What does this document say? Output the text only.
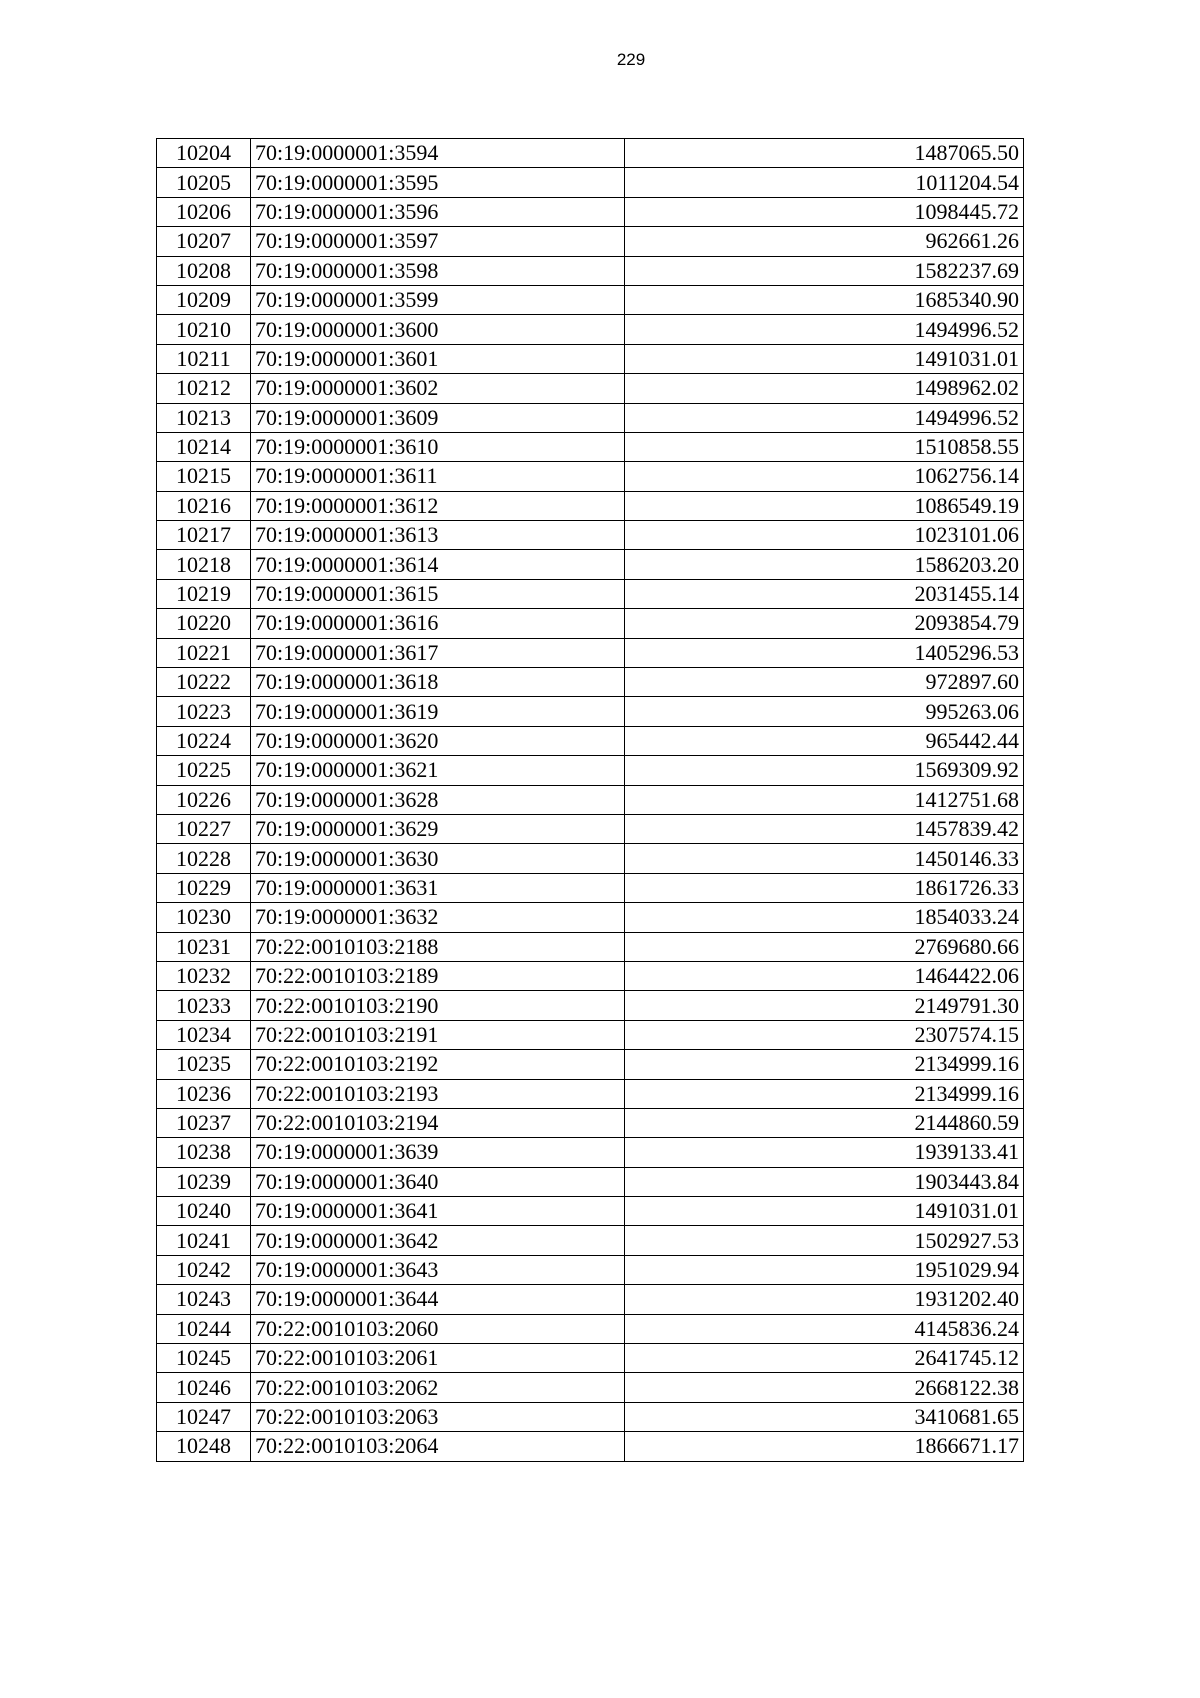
229
10204	70:19:0000001:3594	1487065.50
10205	70:19:0000001:3595	1011204.54
10206	70:19:0000001:3596	1098445.72
10207	70:19:0000001:3597	962661.26
10208	70:19:0000001:3598	1582237.69
10209	70:19:0000001:3599	1685340.90
10210	70:19:0000001:3600	1494996.52
10211	70:19:0000001:3601	1491031.01
10212	70:19:0000001:3602	1498962.02
10213	70:19:0000001:3609	1494996.52
10214	70:19:0000001:3610	1510858.55
10215	70:19:0000001:3611	1062756.14
10216	70:19:0000001:3612	1086549.19
10217	70:19:0000001:3613	1023101.06
10218	70:19:0000001:3614	1586203.20
10219	70:19:0000001:3615	2031455.14
10220	70:19:0000001:3616	2093854.79
10221	70:19:0000001:3617	1405296.53
10222	70:19:0000001:3618	972897.60
10223	70:19:0000001:3619	995263.06
10224	70:19:0000001:3620	965442.44
10225	70:19:0000001:3621	1569309.92
10226	70:19:0000001:3628	1412751.68
10227	70:19:0000001:3629	1457839.42
10228	70:19:0000001:3630	1450146.33
10229	70:19:0000001:3631	1861726.33
10230	70:19:0000001:3632	1854033.24
10231	70:22:0010103:2188	2769680.66
10232	70:22:0010103:2189	1464422.06
10233	70:22:0010103:2190	2149791.30
10234	70:22:0010103:2191	2307574.15
10235	70:22:0010103:2192	2134999.16
10236	70:22:0010103:2193	2134999.16
10237	70:22:0010103:2194	2144860.59
10238	70:19:0000001:3639	1939133.41
10239	70:19:0000001:3640	1903443.84
10240	70:19:0000001:3641	1491031.01
10241	70:19:0000001:3642	1502927.53
10242	70:19:0000001:3643	1951029.94
10243	70:19:0000001:3644	1931202.40
10244	70:22:0010103:2060	4145836.24
10245	70:22:0010103:2061	2641745.12
10246	70:22:0010103:2062	2668122.38
10247	70:22:0010103:2063	3410681.65
10248	70:22:0010103:2064	1866671.17
